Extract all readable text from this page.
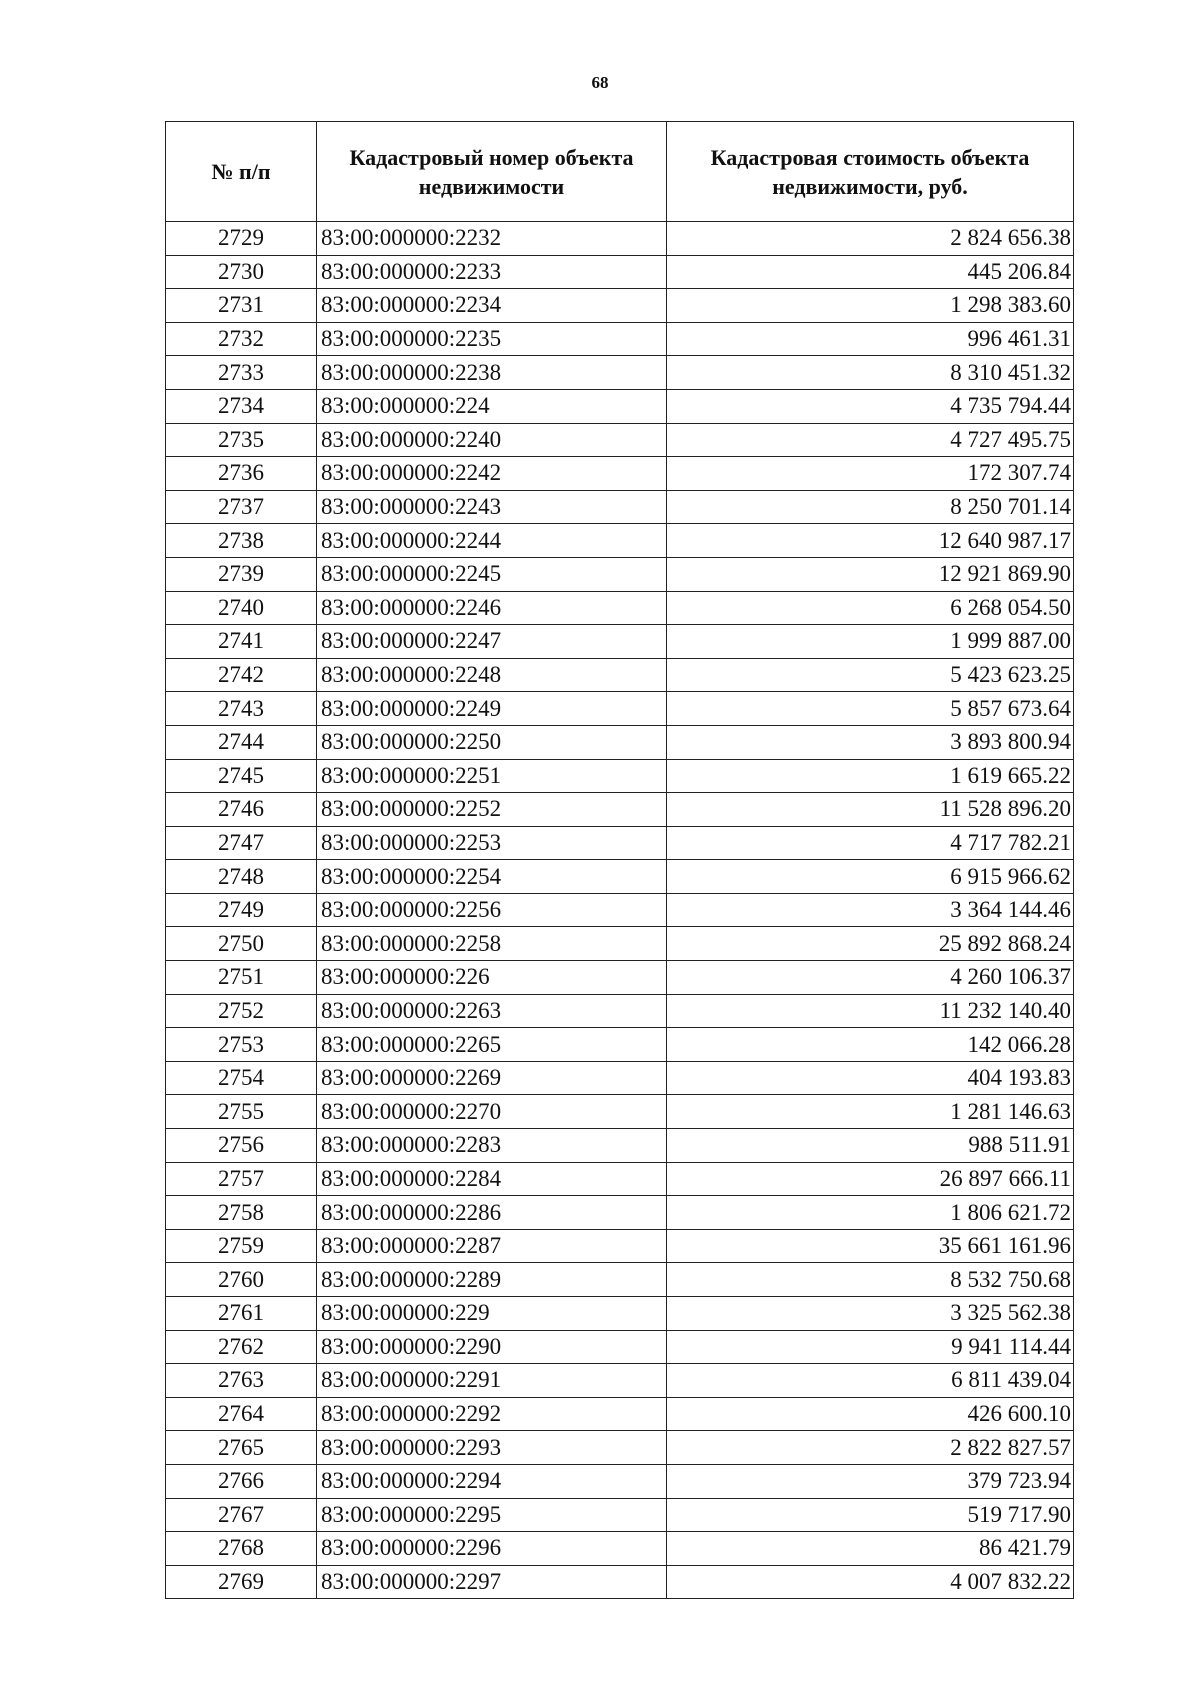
68
№ п/п	Кадастровый номер объекта недвижимости	Кадастровая стоимость объекта недвижимости, руб.
2729	83:00:000000:2232	2 824 656.38
2730	83:00:000000:2233	445 206.84
2731	83:00:000000:2234	1 298 383.60
2732	83:00:000000:2235	996 461.31
2733	83:00:000000:2238	8 310 451.32
2734	83:00:000000:224	4 735 794.44
2735	83:00:000000:2240	4 727 495.75
2736	83:00:000000:2242	172 307.74
2737	83:00:000000:2243	8 250 701.14
2738	83:00:000000:2244	12 640 987.17
2739	83:00:000000:2245	12 921 869.90
2740	83:00:000000:2246	6 268 054.50
2741	83:00:000000:2247	1 999 887.00
2742	83:00:000000:2248	5 423 623.25
2743	83:00:000000:2249	5 857 673.64
2744	83:00:000000:2250	3 893 800.94
2745	83:00:000000:2251	1 619 665.22
2746	83:00:000000:2252	11 528 896.20
2747	83:00:000000:2253	4 717 782.21
2748	83:00:000000:2254	6 915 966.62
2749	83:00:000000:2256	3 364 144.46
2750	83:00:000000:2258	25 892 868.24
2751	83:00:000000:226	4 260 106.37
2752	83:00:000000:2263	11 232 140.40
2753	83:00:000000:2265	142 066.28
2754	83:00:000000:2269	404 193.83
2755	83:00:000000:2270	1 281 146.63
2756	83:00:000000:2283	988 511.91
2757	83:00:000000:2284	26 897 666.11
2758	83:00:000000:2286	1 806 621.72
2759	83:00:000000:2287	35 661 161.96
2760	83:00:000000:2289	8 532 750.68
2761	83:00:000000:229	3 325 562.38
2762	83:00:000000:2290	9 941 114.44
2763	83:00:000000:2291	6 811 439.04
2764	83:00:000000:2292	426 600.10
2765	83:00:000000:2293	2 822 827.57
2766	83:00:000000:2294	379 723.94
2767	83:00:000000:2295	519 717.90
2768	83:00:000000:2296	86 421.79
2769	83:00:000000:2297	4 007 832.22
